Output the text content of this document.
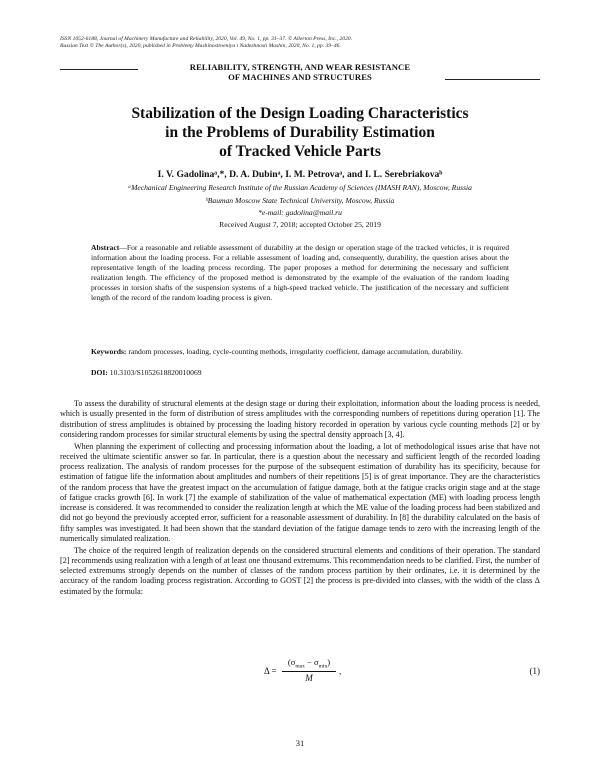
ISSN 1052-6188, Journal of Machinery Manufacture and Reliability, 2020, Vol. 49, No. 1, pp. 31–37. © Allerton Press, Inc., 2020.
Russian Text © The Author(s), 2020, published in Problemy Mashinostroeniya i Nadezhnosti Mashin, 2020, No. 1, pp. 39–46.
RELIABILITY, STRENGTH, AND WEAR RESISTANCE
OF MACHINES AND STRUCTURES
Stabilization of the Design Loading Characteristics
in the Problems of Durability Estimation
of Tracked Vehicle Parts
I. V. Gadolinaᵃ,*, D. A. Dubinᵃ, I. M. Petrovaᵃ, and I. L. Serebriakovaᵇ
ᵃMechanical Engineering Research Institute of the Russian Academy of Sciences (IMASH RAN), Moscow, Russia
ᵇBauman Moscow State Technical University, Moscow, Russia
*e-mail: gadolina@mail.ru
Received August 7, 2018; accepted October 25, 2019
Abstract—For a reasonable and reliable assessment of durability at the design or operation stage of the tracked vehicles, it is required information about the loading process. For a reliable assessment of loading and, consequently, durability, the question arises about the representative length of the loading process recording. The paper proposes a method for determining the necessary and sufficient realization length. The efficiency of the proposed method is demonstrated by the example of the evaluation of the random loading processes in torsion shafts of the suspension systems of a high-speed tracked vehicle. The justification of the necessary and sufficient length of the record of the random loading process is given.
Keywords: random processes, loading, cycle-counting methods, irregularity coefficient, damage accumulation, durability.
DOI: 10.3103/S1052618820010069

To assess the durability of structural elements at the design stage or during their exploitation, information about the loading process is needed, which is usually presented in the form of distribution of stress amplitudes with the corresponding numbers of repetitions during operation [1]. The distribution of stress amplitudes is obtained by processing the loading history recorded in operation by various cycle counting methods [2] or by considering random processes for similar structural elements by using the spectral density approach [3, 4].

When planning the experiment of collecting and processing information about the loading, a lot of methodological issues arise that have not received the ultimate scientific answer so far. In particular, there is a question about the necessary and sufficient length of the recorded loading process realization. The analysis of random processes for the purpose of the subsequent estimation of durability has its specificity, because for estimation of fatigue life the information about amplitudes and numbers of their repetitions [5] is of great importance. They are the characteristics of the random process that have the greatest impact on the accumulation of fatigue damage, both at the fatigue cracks origin stage and at the stage of fatigue cracks growth [6]. In work [7] the example of stabilization of the value of mathematical expectation (ME) with loading process length increase is considered. It was recommended to consider the realization length at which the ME value of the loading process had been stabilized and did not go beyond the previously accepted error, sufficient for a reasonable assessment of durability. In [8] the durability calculated on the basis of fifty samples was investigated. It had been shown that the standard deviation of the fatigue damage tends to zero with the increasing length of the numerically simulated realization.

The choice of the required length of realization depends on the considered structural elements and conditions of their operation. The standard [2] recommends using realization with a length of at least one thousand extremums. This recommendation needs to be clarified. First, the number of selected extremums strongly depends on the number of classes of the random process partition by their ordinates, i.e. it is determined by the accuracy of the random loading process registration. According to GOST [2] the process is pre-divided into classes, with the width of the class Δ estimated by the formula:

Δ =
$(\sigma_{max} - \sigma_{min})$
M
,	(1)
31
